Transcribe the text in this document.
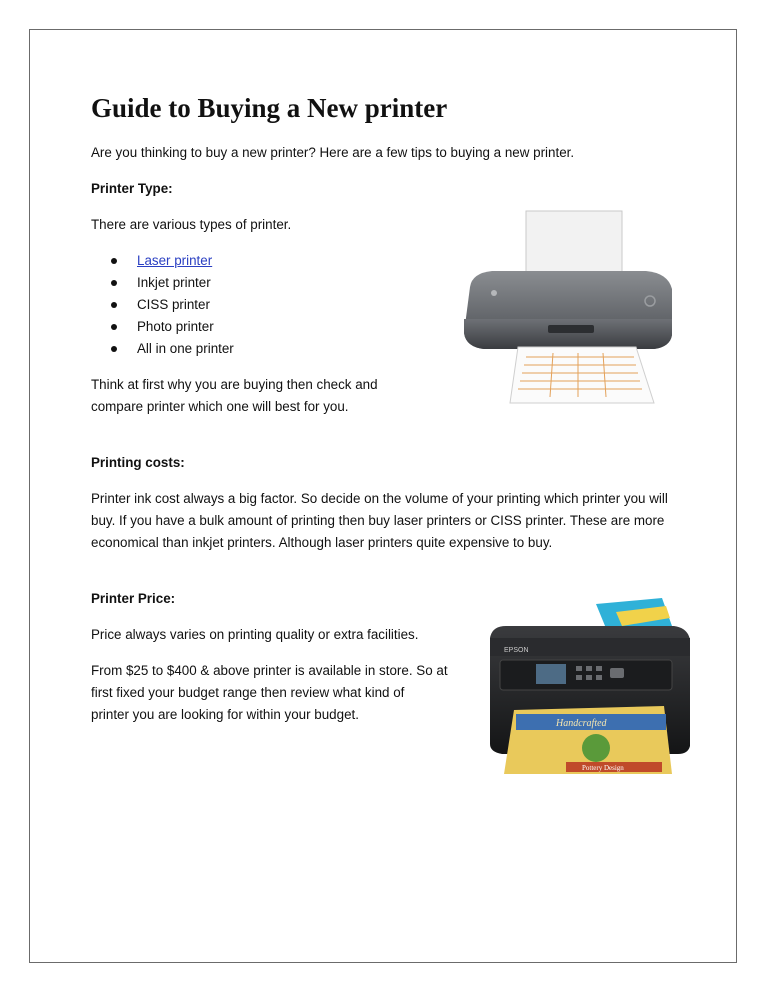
Guide to Buying a New printer

Are you thinking to buy a new printer? Here are a few tips to buying a new printer.

Printer Type:

There are various types of printer.

Laser printer
Inkjet printer
CISS printer
Photo printer
All in one printer

Think at first why you are buying then check and
compare printer which one will best for you.

Printing costs:

Printer ink cost always a big factor. So decide on the volume of your printing which printer you will buy. If you have a bulk amount of printing then buy laser printers or CISS printer. These are more economical than inkjet printers. Although laser printers quite expensive to buy.

Printer Price:

Price always varies on printing quality or extra facilities.

From $25 to $400 & above printer is available in store. So at
first fixed your budget range then review what kind of
printer you are looking for within your budget.

EPSON
Handcrafted
Pottery Design
